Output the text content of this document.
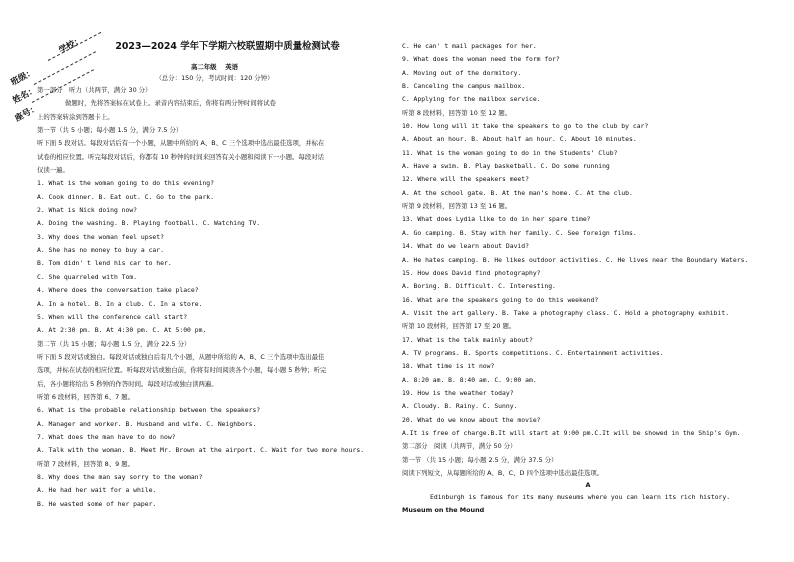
学校：
班级：
姓名：
座号：
2023—2024 学年下学期六校联盟期中质量检测试卷
高二年级　 英语
（总分：150 分，考试时间：120 分钟）
第一部分　听力（共两节，满分 30 分）
做题时，先将答案标在试卷上。录音内容结束后，你将有两分钟时间将试卷
上的答案转涂到答题卡上。
第一节（共 5 小题；每小题 1.5 分，满分 7.5 分）
听下面 5 段对话。每段对话后有一个小题，从题中所给的 A、B、C 三个选项中选出最佳选项，并标在
试卷的相应位置。听完每段对话后，你都有 10 秒钟的时间来回答有关小题和阅读下一小题。每段对话
仅读一遍。
1. What is the woman going to do this evening?
A. Cook dinner. B. Eat out. C. Go to the park.
2. What is Nick doing now?
A. Doing the washing. B. Playing football. C. Watching TV.
3. Why does the woman feel upset?
A. She has no money to buy a car.
B. Tom didn' t lend his car to her.
C. She quarreled with Tom.
4. Where does the conversation take place?
A. In a hotel. B. In a club. C. In a store.
5. When will the conference call start?
A. At 2:30 pm. B. At 4:30 pm. C. At 5:00 pm.
第二节（共 15 小题；每小题 1.5 分，满分 22.5 分）
听下面 5 段对话或独白。每段对话或独白后有几个小题，从题中所给的 A、B、C 三个选项中选出最佳
选项，并标在试卷的相应位置。听每段对话或独白前，你将有时间阅读各个小题，每小题 5 秒钟；听完
后，各小题将给出 5 秒钟的作答时间。每段对话或独白读两遍。
听第 6 段材料，回答第 6、7 题。
6. What is the probable relationship between the speakers?
A. Manager and worker. B. Husband and wife. C. Neighbors.
7. What does the man have to do now?
A. Talk with the woman. B. Meet Mr. Brown at the airport. C. Wait for two more hours.
听第 7 段材料，回答第 8、9 题。
8. Why does the man say sorry to the woman?
A. He had her wait for a while.
B. He wasted some of her paper.
C. He can' t mail packages for her.
9. What does the woman need the form for?
A. Moving out of the dormitory.
B. Canceling the campus mailbox.
C. Applying for the mailbox service.
听第 8 段材料，回答第 10 至 12 题。
10. How long will it take the speakers to go to the club by car?
A. About an hour. B. About half an hour. C. About 10 minutes.
11. What is the woman going to do in the Students’ Club?
A. Have a swim. B. Play basketball. C. Do some running
12. Where will the speakers meet?
A. At the school gate. B. At the man’s home. C. At the club.
听第 9 段材料，回答第 13 至 16 题。
13. What does Lydia like to do in her spare time?
A. Go camping. B. Stay with her family. C. See foreign films.
14. What do we learn about David?
A. He hates camping. B. He likes outdoor activities. C. He lives near the Boundary Waters.
15. How does David find photography?
A. Boring. B. Difficult. C. Interesting.
16. What are the speakers going to do this weekend?
A. Visit the art gallery. B. Take a photography class. C. Hold a photography exhibit.
听第 10 段材料，回答第 17 至 20 题。
17. What is the talk mainly about?
A. TV programs. B. Sports competitions. C. Entertainment activities.
18. What time is it now?
A. 8:20 am. B. 8:40 am. C. 9:00 am.
19. How is the weather today?
A. Cloudy. B. Rainy. C. Sunny.
20. What do we know about the movie?
A.It is free of charge.B.It will start at 9:00 pm.C.It will be showed in the Ship’s Gym.
第二部分　阅读（共两节，满分 50 分）
第一节 （共 15 小题；每小题 2.5 分，满分 37.5 分）
阅读下列短文，从每题所给的 A、B、C、D 四个选项中选出最佳选项。
A
Edinburgh is famous for its many museums where you can learn its rich history.
Museum on the Mound
